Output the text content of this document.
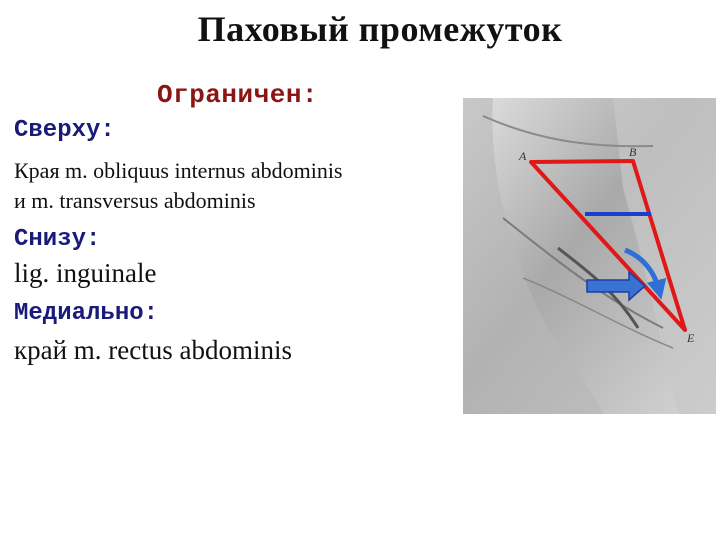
Паховый промежуток
Ограничен:
Сверху:
Края m. obliquus internus abdominis
и m. transversus abdominis
Снизу:
lig. inguinale
Медиально:
край m. rectus abdominis
A	B
E
